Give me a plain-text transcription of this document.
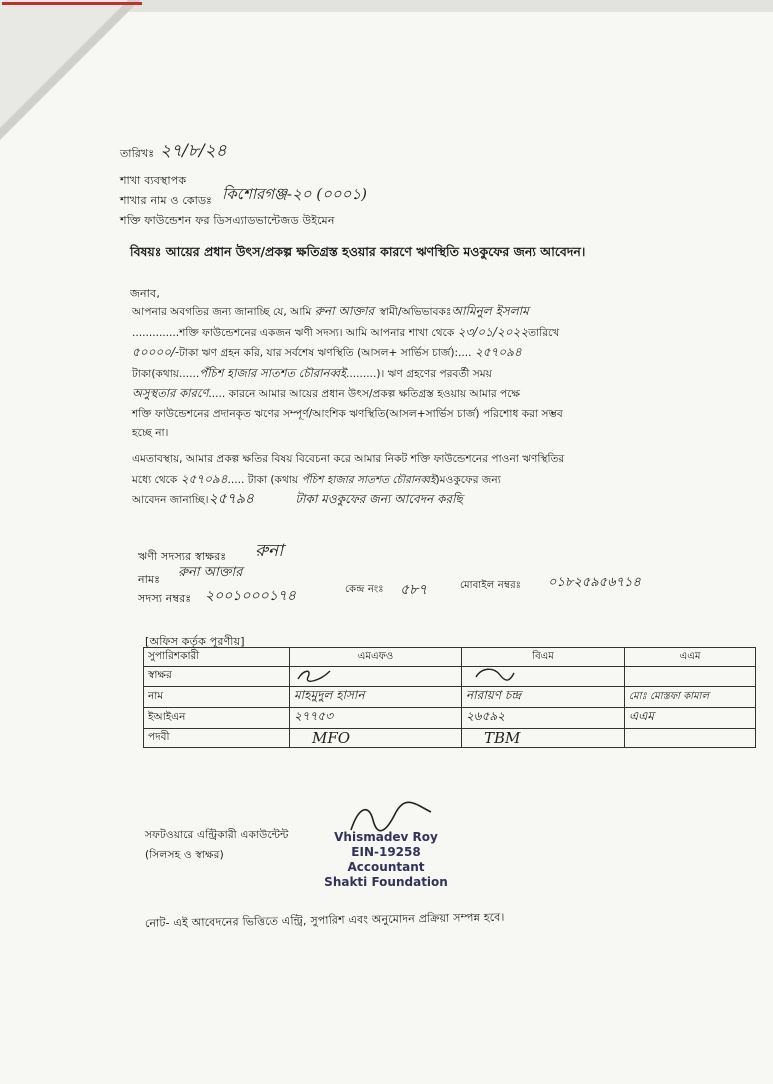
তারিখঃ ২৭/৮/২৪
শাখা ব্যবস্থাপক
শাখার নাম ও কোডঃ কিশোরগঞ্জ-২০ (০০০১)
শক্তি ফাউন্ডেশন ফর ডিসএ্যাডভান্টেজড উইমেন
বিষয়ঃ আয়ের প্রধান উৎস/প্রকল্প ক্ষতিগ্রস্ত হওয়ার কারণে ঋণস্থিতি মওকুফের জন্য আবেদন।
জনাব,
আপনার অবগতির জন্য জানাচ্ছি যে, আমি রুনা আক্তার স্বামী/অভিভাবকঃআমিনুল ইসলাম
..............শক্তি ফাউন্ডেশনের একজন ঋণী সদস্য। আমি আপনার শাখা থেকে ২৩/০১/২০২২তারিখে
৫০০০০/-টাকা ঋণ গ্রহন করি, যার সর্বশেষ ঋণস্থিতি (আসল+ সার্ভিস চার্জ):.... ২৫৭০৯৪
টাকা(কথায়......পঁচিশ হাজার সাতশত চৌরানব্বই.........)। ঋণ গ্রহণের পরবর্তী সময়
অসুস্থতার কারণে..... কারনে আমার আয়ের প্রধান উৎস/প্রকল্প ক্ষতিগ্রস্ত হওয়ায় আমার পক্ষে
শক্তি ফাউন্ডেশনের প্রদানকৃত ঋণের সম্পূর্ণ/আংশিক ঋণস্থিতি(আসল+সার্ভিস চার্জ) পরিশোধ করা সম্ভব
হচ্ছে না।
এমতাবস্থায়, আমার প্রকল্প ক্ষতির বিষয় বিবেচনা করে আমার নিকট শক্তি ফাউন্ডেশনের পাওনা ঋণস্থিতির
মধ্যে থেকে ২৫৭০৯৪..... টাকা (কথায় পঁচিশ হাজার সাতশত চৌরানব্বই)মওকুফের জন্য
আবেদন জানাচ্ছি।২৫৭৯৪	টাকা মওকুফের জন্য আবেদন করছি
ঋণী সদস্যর স্বাক্ষরঃ রুনা
নামঃ রুনা আক্তার
সদস্য নম্বরঃ ২০০১০০০১৭৪	কেন্দ্র নংঃ ৫৮৭	মোবাইল নম্বরঃ ০১৮২৫৯৫৬৭১৪
[অফিস কর্তৃক পূরণীয়]
সুপারিশকারী	এমএফও	বিএম	এএম
স্বাক্ষর			
নাম	মাহমুদুল হাসান	নারায়ণ চন্দ্র	মোঃ মোস্তফা কামাল
ইআইএন	২৭৭৫৩	২৬৫৯২	এএম
পদবী	MFO	TBM	
সফটওয়ারে এন্ট্রিকারী একাউন্টেন্ট
(সিলসহ ও স্বাক্ষর)
Vhismadev Roy
EIN-19258
Accountant
Shakti Foundation
নোট- এই আবেদনের ভিত্তিতে এন্ট্রি, সুপারিশ এবং অনুমোদন প্রক্রিয়া সম্পন্ন হবে।
